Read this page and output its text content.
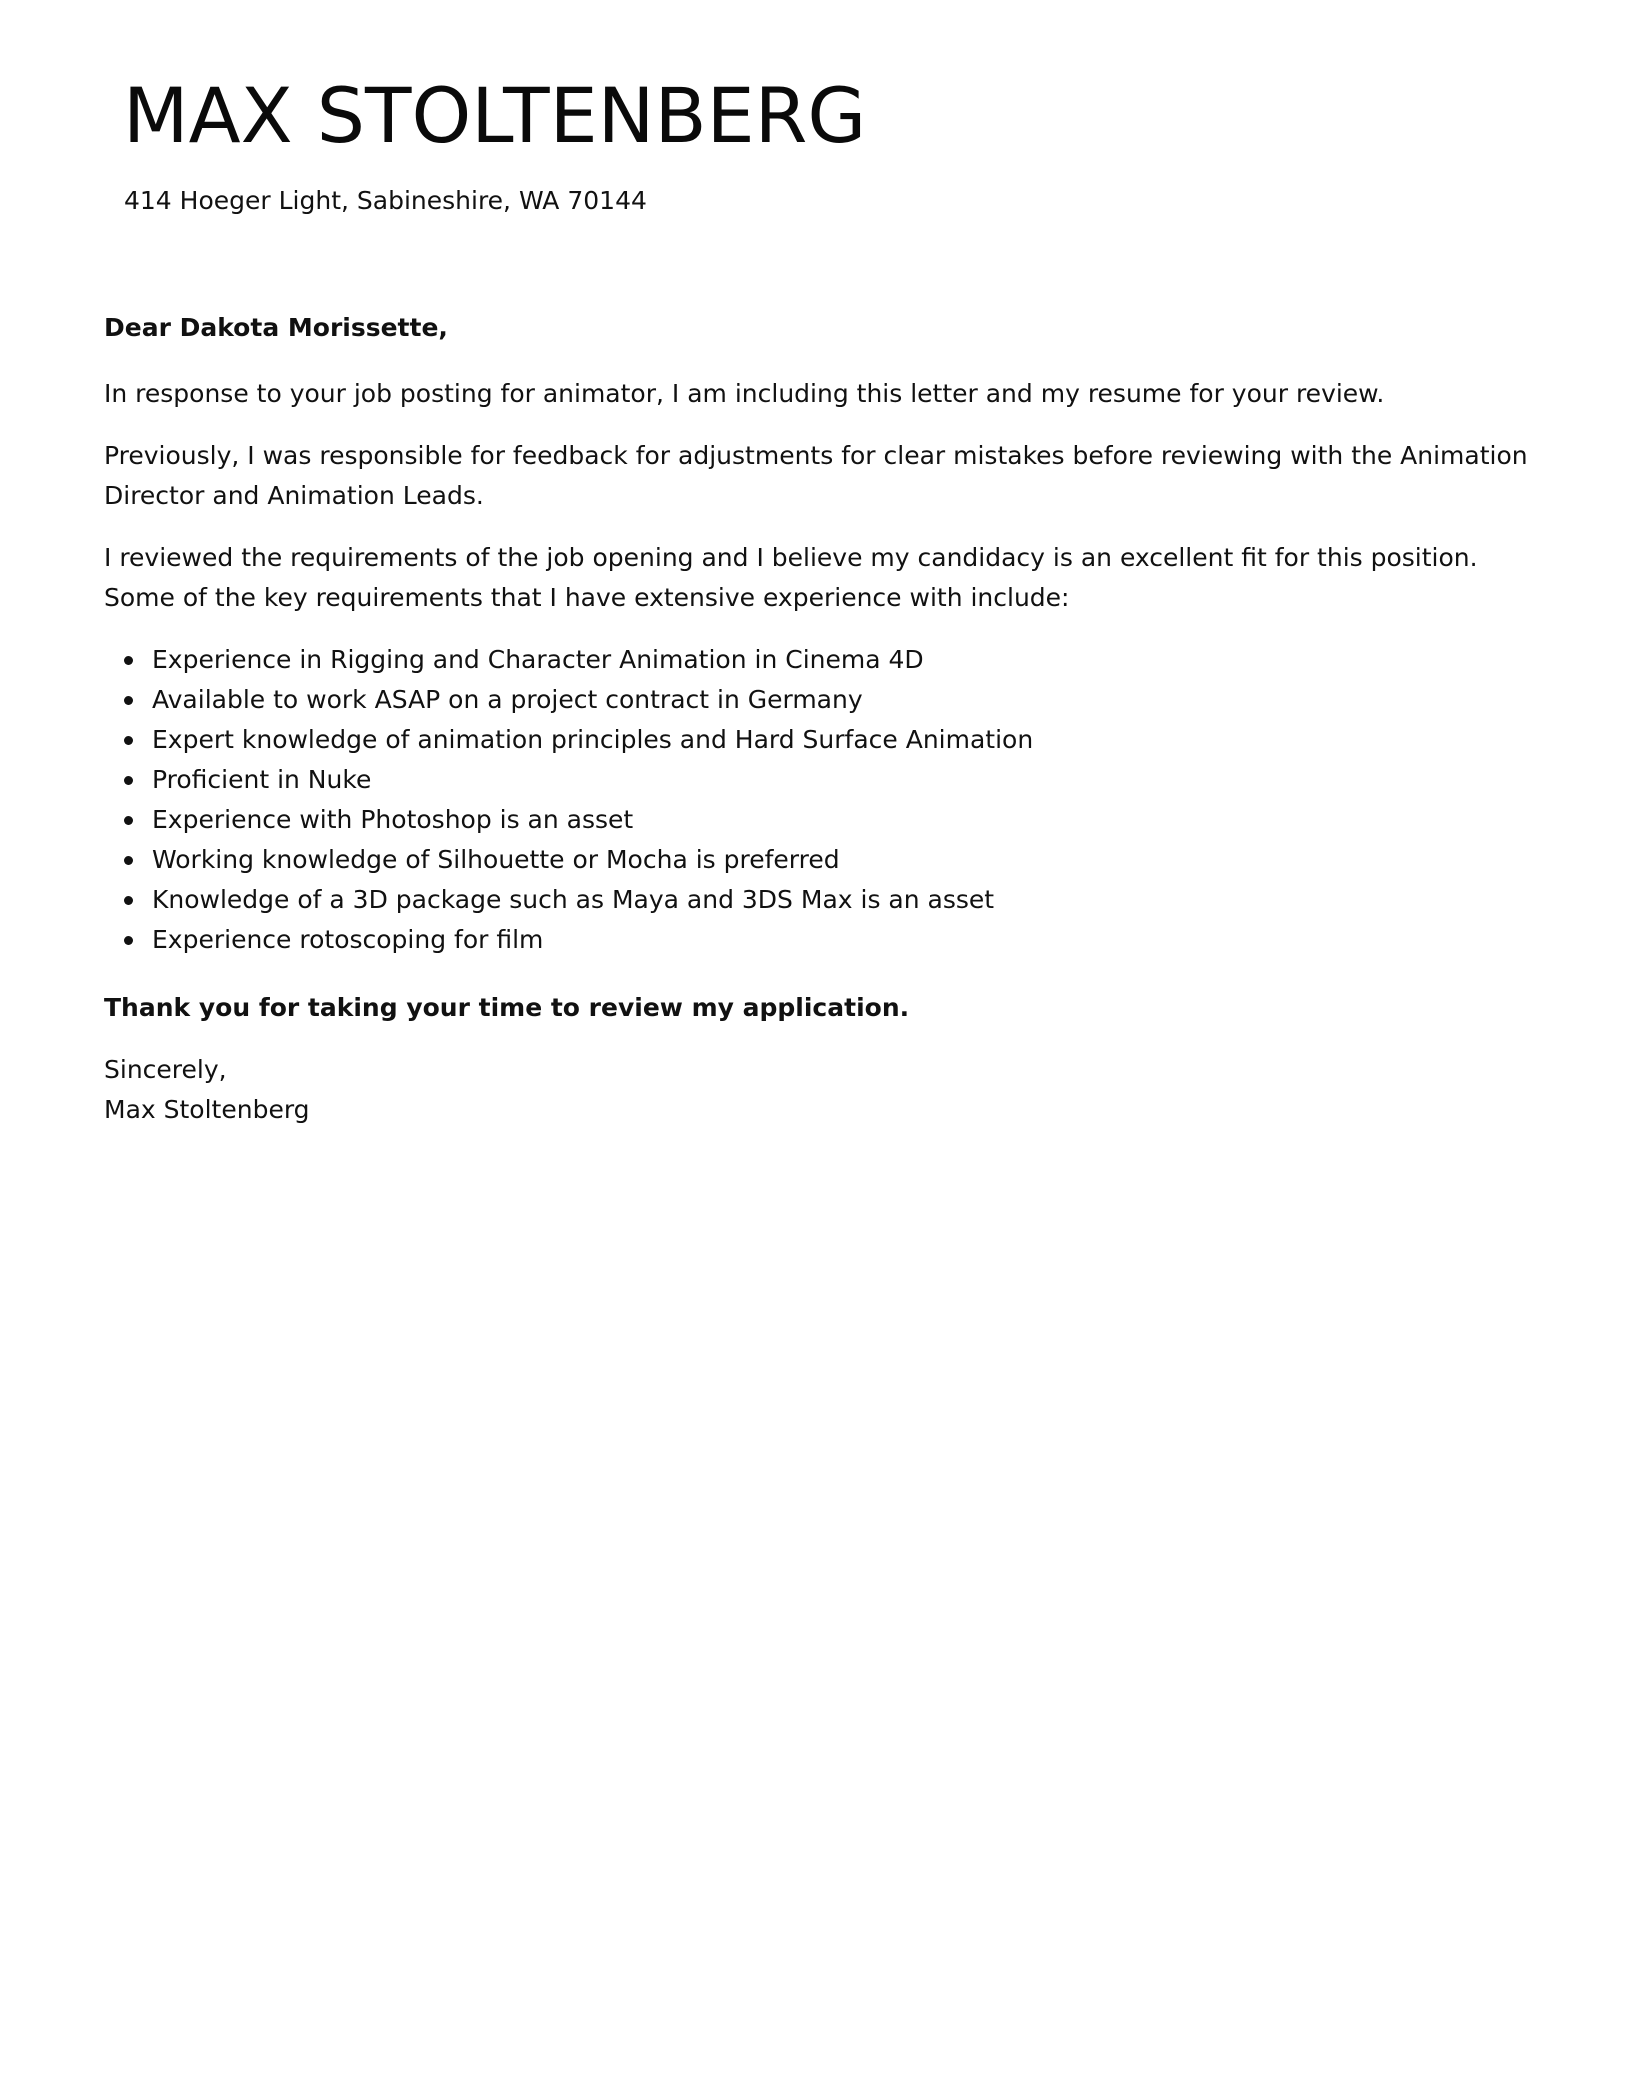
MAX STOLTENBERG
414 Hoeger Light, Sabineshire, WA 70144

Dear Dakota Morissette,

In response to your job posting for animator, I am including this letter and my resume for your review.

Previously, I was responsible for feedback for adjustments for clear mistakes before reviewing with the Animation Director and Animation Leads.

I reviewed the requirements of the job opening and I believe my candidacy is an excellent fit for this position. Some of the key requirements that I have extensive experience with include:

Experience in Rigging and Character Animation in Cinema 4D
Available to work ASAP on a project contract in Germany
Expert knowledge of animation principles and Hard Surface Animation
Proficient in Nuke
Experience with Photoshop is an asset
Working knowledge of Silhouette or Mocha is preferred
Knowledge of a 3D package such as Maya and 3DS Max is an asset
Experience rotoscoping for film

Thank you for taking your time to review my application.

Sincerely,

Max Stoltenberg
